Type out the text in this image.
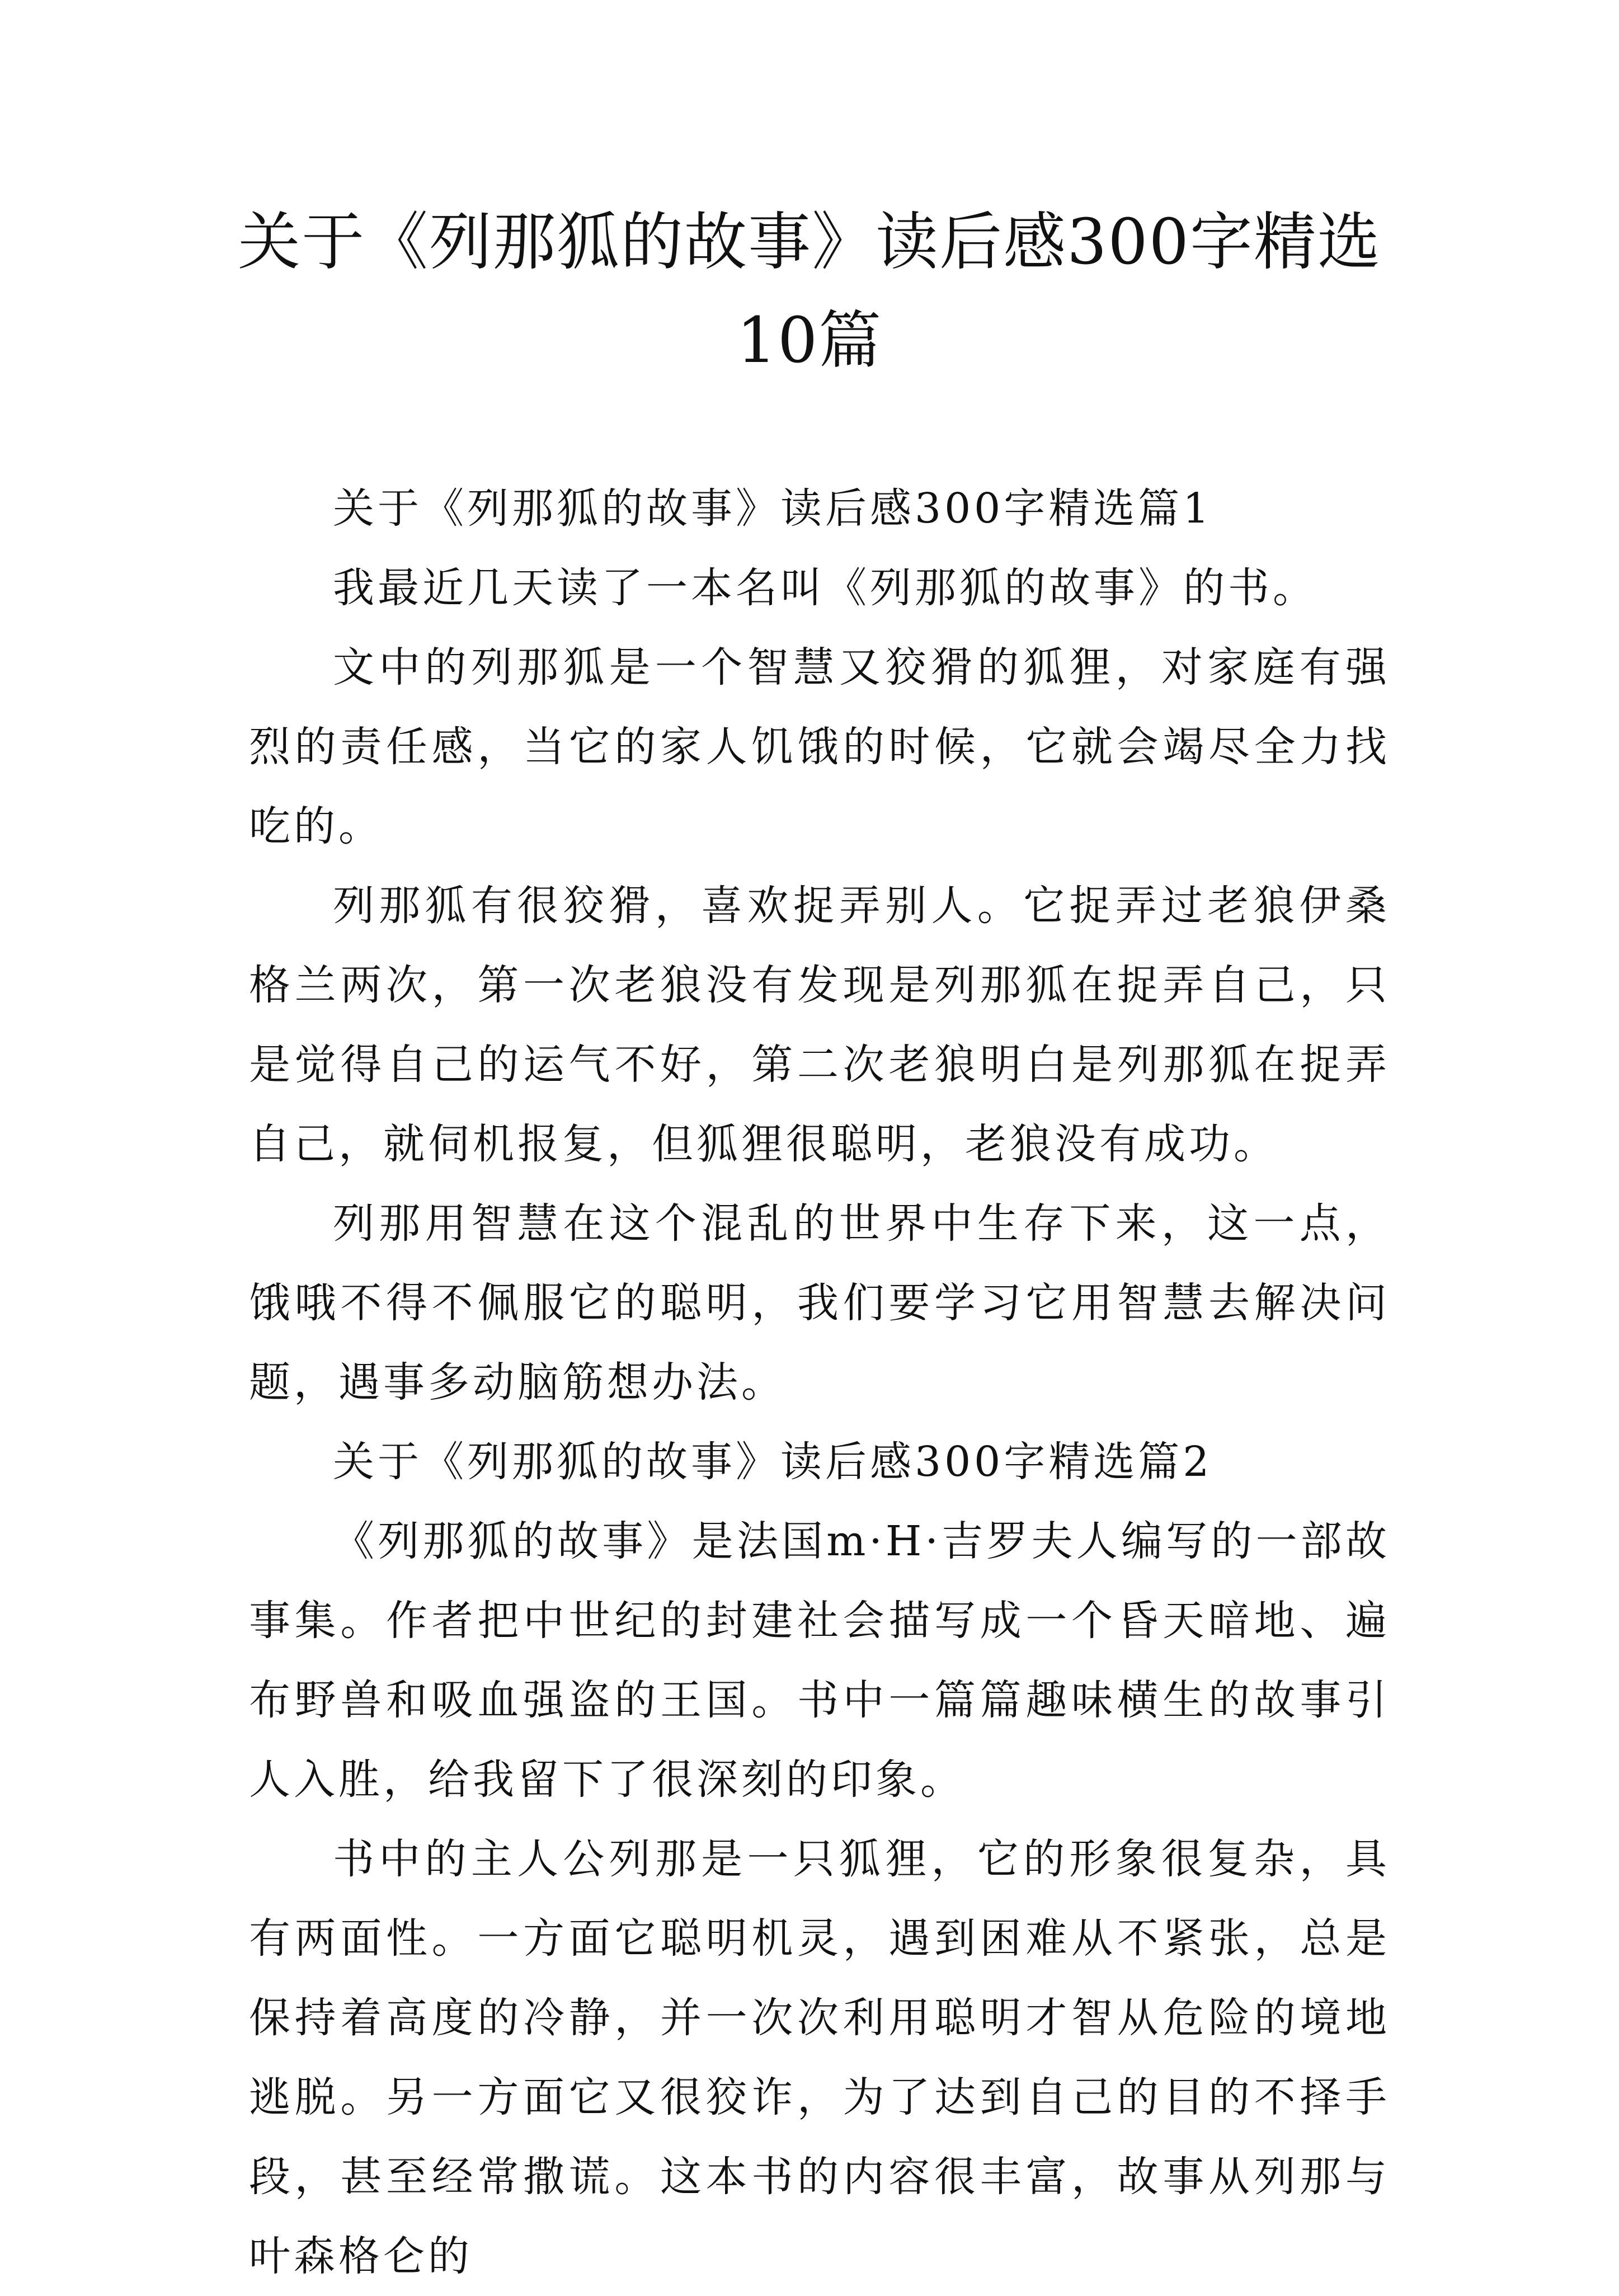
关于《列那狐的故事》读后感300字精选10篇

关于《列那狐的故事》读后感300字精选篇1

我最近几天读了一本名叫《列那狐的故事》的书。

文中的列那狐是一个智慧又狡猾的狐狸，对家庭有强烈的责任感，当它的家人饥饿的时候，它就会竭尽全力找吃的。

列那狐有很狡猾，喜欢捉弄别人。它捉弄过老狼伊桑格兰两次，第一次老狼没有发现是列那狐在捉弄自己，只是觉得自己的运气不好，第二次老狼明白是列那狐在捉弄自己，就伺机报复，但狐狸很聪明，老狼没有成功。

列那用智慧在这个混乱的世界中生存下来，这一点，饿哦不得不佩服它的聪明，我们要学习它用智慧去解决问题，遇事多动脑筋想办法。

关于《列那狐的故事》读后感300字精选篇2

《列那狐的故事》是法国m·H·吉罗夫人编写的一部故事集。作者把中世纪的封建社会描写成一个昏天暗地、遍布野兽和吸血强盗的王国。书中一篇篇趣味横生的故事引人入胜，给我留下了很深刻的印象。

书中的主人公列那是一只狐狸，它的形象很复杂，具有两面性。一方面它聪明机灵，遇到困难从不紧张，总是保持着高度的冷静，并一次次利用聪明才智从危险的境地逃脱。另一方面它又很狡诈，为了达到自己的目的不择手段，甚至经常撒谎。这本书的内容很丰富，故事从列那与叶森格仑的
